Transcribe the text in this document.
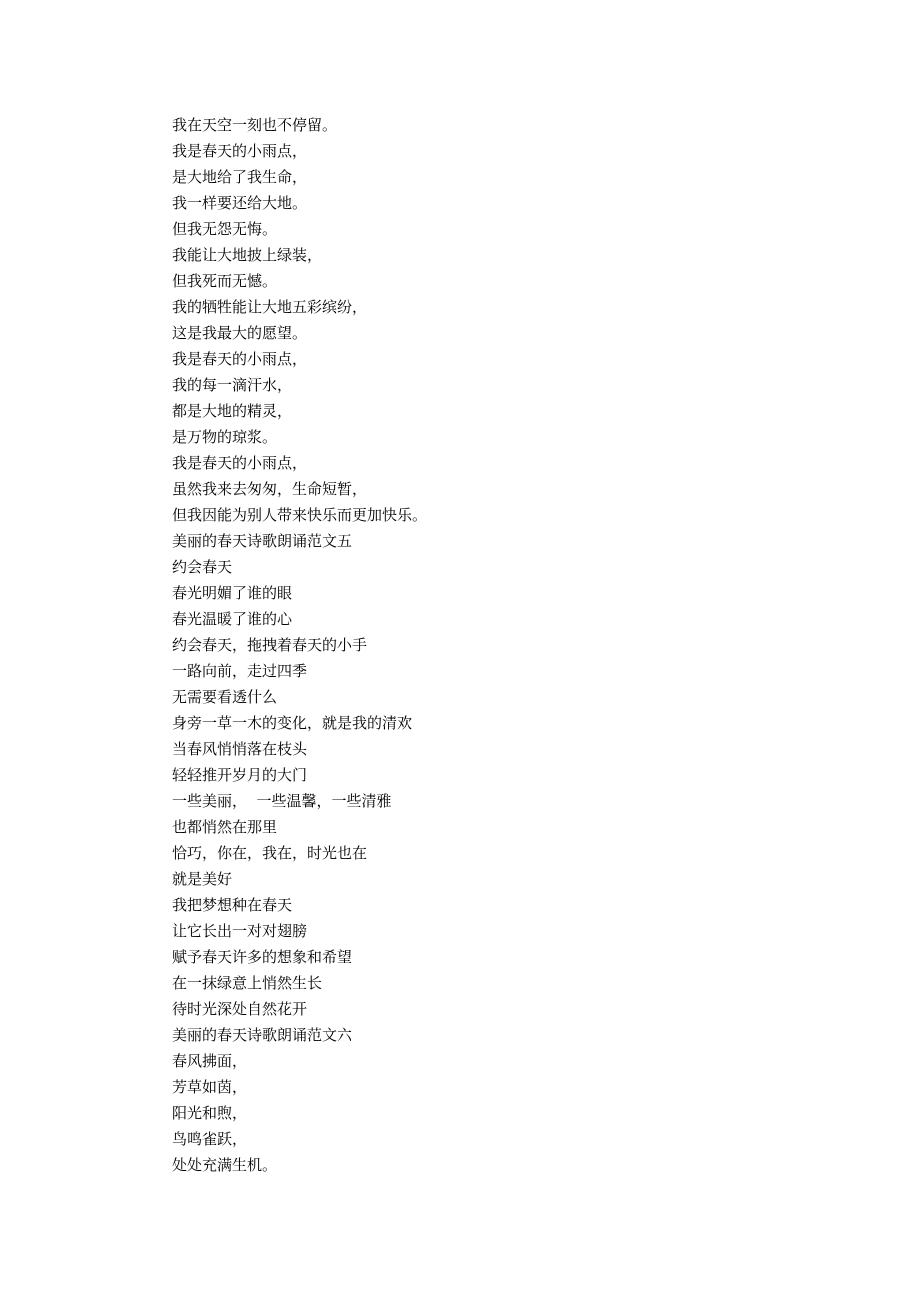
我在天空一刻也不停留。

我是春天的小雨点，

是大地给了我生命，

我一样要还给大地。

但我无怨无悔。

我能让大地披上绿装，

但我死而无憾。

我的牺牲能让大地五彩缤纷，

这是我最大的愿望。

我是春天的小雨点，

我的每一滴汗水，

都是大地的精灵，

是万物的琼浆。

我是春天的小雨点，

虽然我来去匆匆，生命短暂，

但我因能为别人带来快乐而更加快乐。

美丽的春天诗歌朗诵范文五

约会春天

春光明媚了谁的眼

春光温暖了谁的心

约会春天，拖拽着春天的小手

一路向前，走过四季

无需要看透什么

身旁一草一木的变化，就是我的清欢

当春风悄悄落在枝头

轻轻推开岁月的大门

一些美丽，  一些温馨，一些清雅

也都悄然在那里

恰巧，你在，我在，时光也在

就是美好

我把梦想种在春天

让它长出一对对翅膀

赋予春天许多的想象和希望

在一抹绿意上悄然生长

待时光深处自然花开

美丽的春天诗歌朗诵范文六

春风拂面，

芳草如茵，

阳光和煦，

鸟鸣雀跃，

处处充满生机。
